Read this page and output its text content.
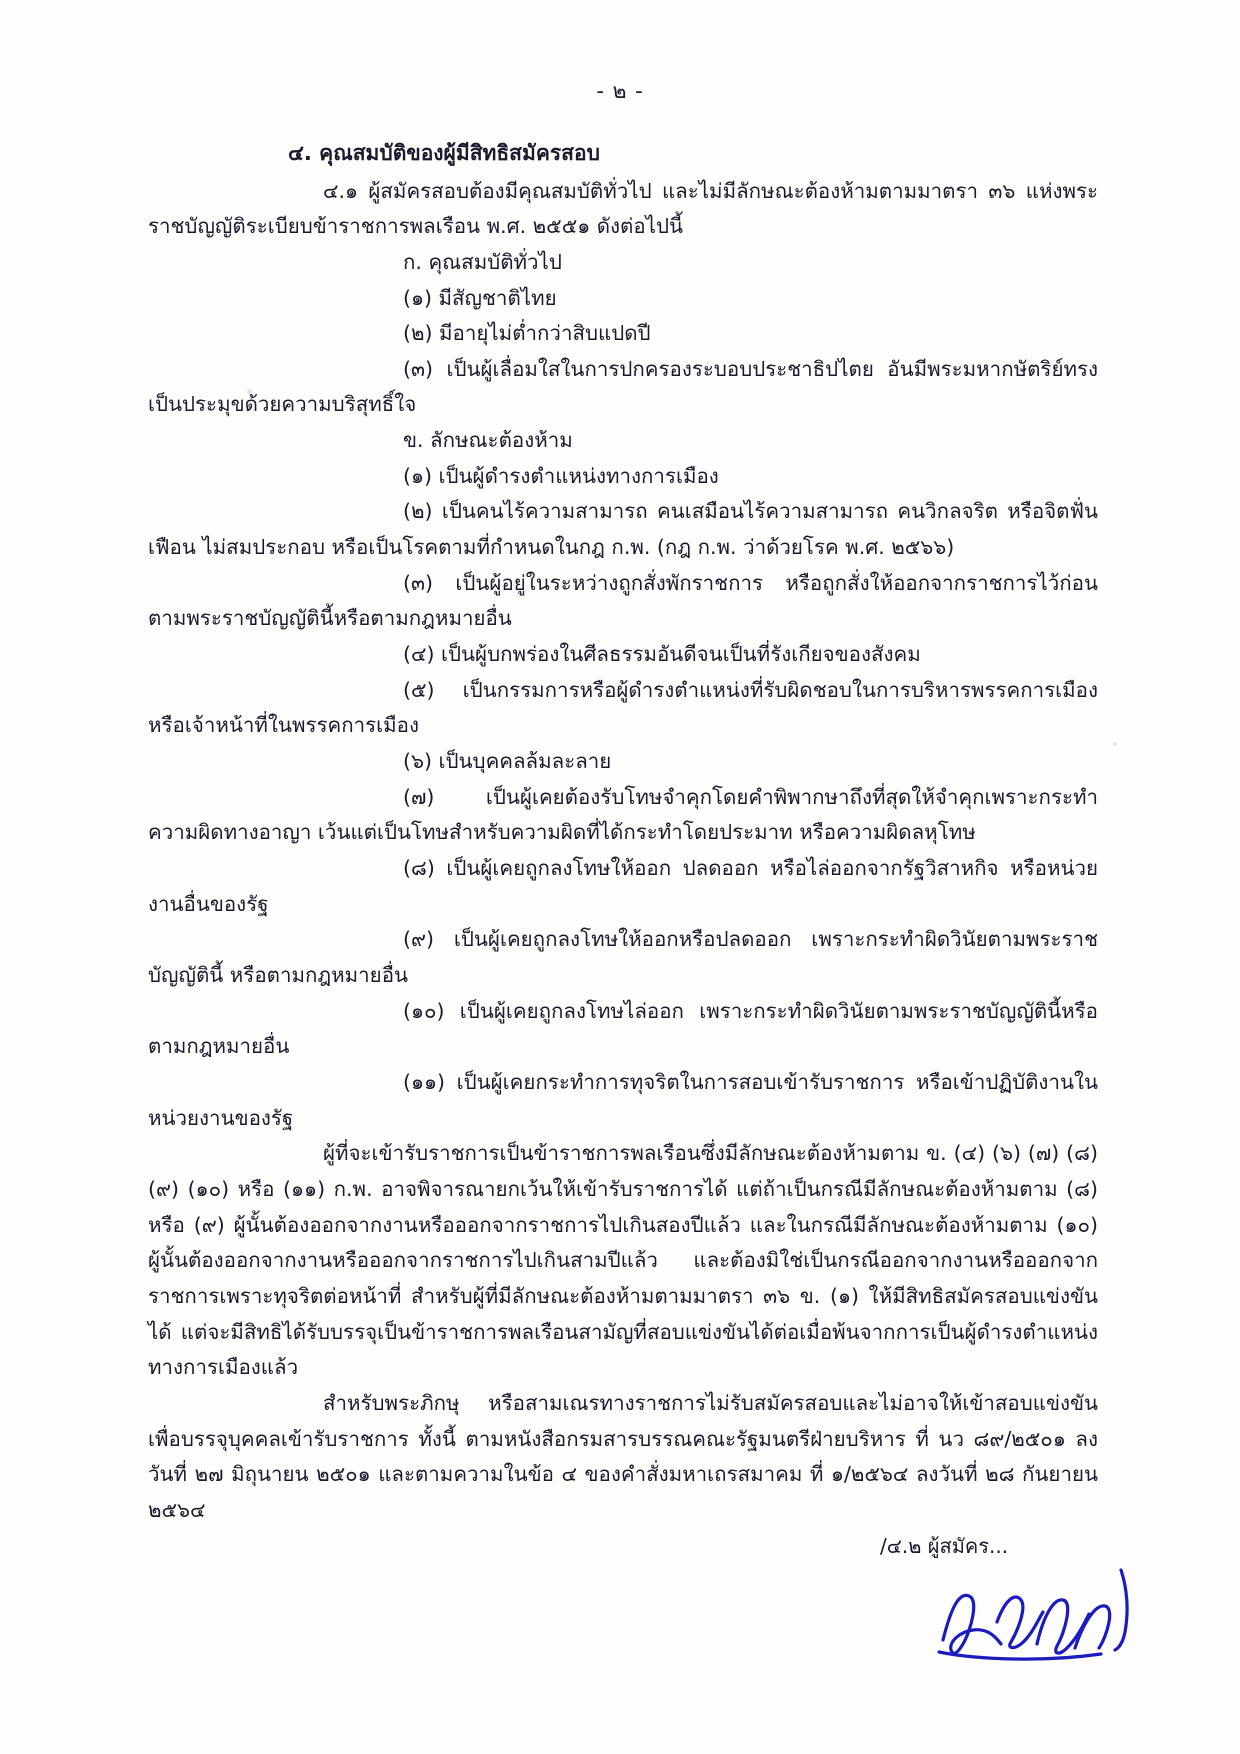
- ๒ -
๔. คุณสมบัติของผู้มีสิทธิสมัครสอบ

๔.๑ ผู้สมัครสอบต้องมีคุณสมบัติทั่วไป และไม่มีลักษณะต้องห้ามตามมาตรา ๓๖ แห่งพระราชบัญญัติระเบียบข้าราชการพลเรือน พ.ศ. ๒๕๕๑ ดังต่อไปนี้

ก. คุณสมบัติทั่วไป

(๑) มีสัญชาติไทย

(๒) มีอายุไม่ต่ำกว่าสิบแปดปี

(๓) เป็นผู้เลื่อมใสในการปกครองระบอบประชาธิปไตย อันมีพระมหากษัตริย์ทรงเป็นประมุขด้วยความบริสุทธิ์ใจ

ข. ลักษณะต้องห้าม

(๑) เป็นผู้ดำรงตำแหน่งทางการเมือง

(๒) เป็นคนไร้ความสามารถ คนเสมือนไร้ความสามารถ คนวิกลจริต หรือจิตฟั่นเฟือน ไม่สมประกอบ หรือเป็นโรคตามที่กำหนดในกฎ ก.พ. (กฎ ก.พ. ว่าด้วยโรค พ.ศ. ๒๕๖๖)

(๓) เป็นผู้อยู่ในระหว่างถูกสั่งพักราชการ หรือถูกสั่งให้ออกจากราชการไว้ก่อนตามพระราชบัญญัตินี้หรือตามกฎหมายอื่น

(๔) เป็นผู้บกพร่องในศีลธรรมอันดีจนเป็นที่รังเกียจของสังคม

(๕) เป็นกรรมการหรือผู้ดำรงตำแหน่งที่รับผิดชอบในการบริหารพรรคการเมือง หรือเจ้าหน้าที่ในพรรคการเมือง

(๖) เป็นบุคคลล้มละลาย

(๗) เป็นผู้เคยต้องรับโทษจำคุกโดยคำพิพากษาถึงที่สุดให้จำคุกเพราะกระทำความผิดทางอาญา เว้นแต่เป็นโทษสำหรับความผิดที่ได้กระทำโดยประมาท หรือความผิดลหุโทษ

(๘) เป็นผู้เคยถูกลงโทษให้ออก ปลดออก หรือไล่ออกจากรัฐวิสาหกิจ หรือหน่วยงานอื่นของรัฐ

(๙) เป็นผู้เคยถูกลงโทษให้ออกหรือปลดออก เพราะกระทำผิดวินัยตามพระราชบัญญัตินี้ หรือตามกฎหมายอื่น

(๑๐) เป็นผู้เคยถูกลงโทษไล่ออก เพราะกระทำผิดวินัยตามพระราชบัญญัตินี้หรือตามกฎหมายอื่น

(๑๑) เป็นผู้เคยกระทำการทุจริตในการสอบเข้ารับราชการ หรือเข้าปฏิบัติงานในหน่วยงานของรัฐ

ผู้ที่จะเข้ารับราชการเป็นข้าราชการพลเรือนซึ่งมีลักษณะต้องห้ามตาม ข. (๔) (๖) (๗) (๘) (๙) (๑๐) หรือ (๑๑) ก.พ. อาจพิจารณายกเว้นให้เข้ารับราชการได้ แต่ถ้าเป็นกรณีมีลักษณะต้องห้ามตาม (๘) หรือ (๙) ผู้นั้นต้องออกจากงานหรือออกจากราชการไปเกินสองปีแล้ว และในกรณีมีลักษณะต้องห้ามตาม (๑๐) ผู้นั้นต้องออกจากงานหรือออกจากราชการไปเกินสามปีแล้ว และต้องมิใช่เป็นกรณีออกจากงานหรือออกจากราชการเพราะทุจริตต่อหน้าที่ สำหรับผู้ที่มีลักษณะต้องห้ามตามมาตรา ๓๖ ข. (๑) ให้มีสิทธิสมัครสอบแข่งขันได้ แต่จะมีสิทธิได้รับบรรจุเป็นข้าราชการพลเรือนสามัญที่สอบแข่งขันได้ต่อเมื่อพ้นจากการเป็นผู้ดำรงตำแหน่งทางการเมืองแล้ว

สำหรับพระภิกษุ หรือสามเณรทางราชการไม่รับสมัครสอบและไม่อาจให้เข้าสอบแข่งขันเพื่อบรรจุบุคคลเข้ารับราชการ ทั้งนี้ ตามหนังสือกรมสารบรรณคณะรัฐมนตรีฝ่ายบริหาร ที่ นว ๘๙/๒๕๐๑ ลงวันที่ ๒๗ มิถุนายน ๒๕๐๑ และตามความในข้อ ๔ ของคำสั่งมหาเถรสมาคม ที่ ๑/๒๕๖๔ ลงวันที่ ๒๘ กันยายน ๒๕๖๔

/๔.๒ ผู้สมัคร...
